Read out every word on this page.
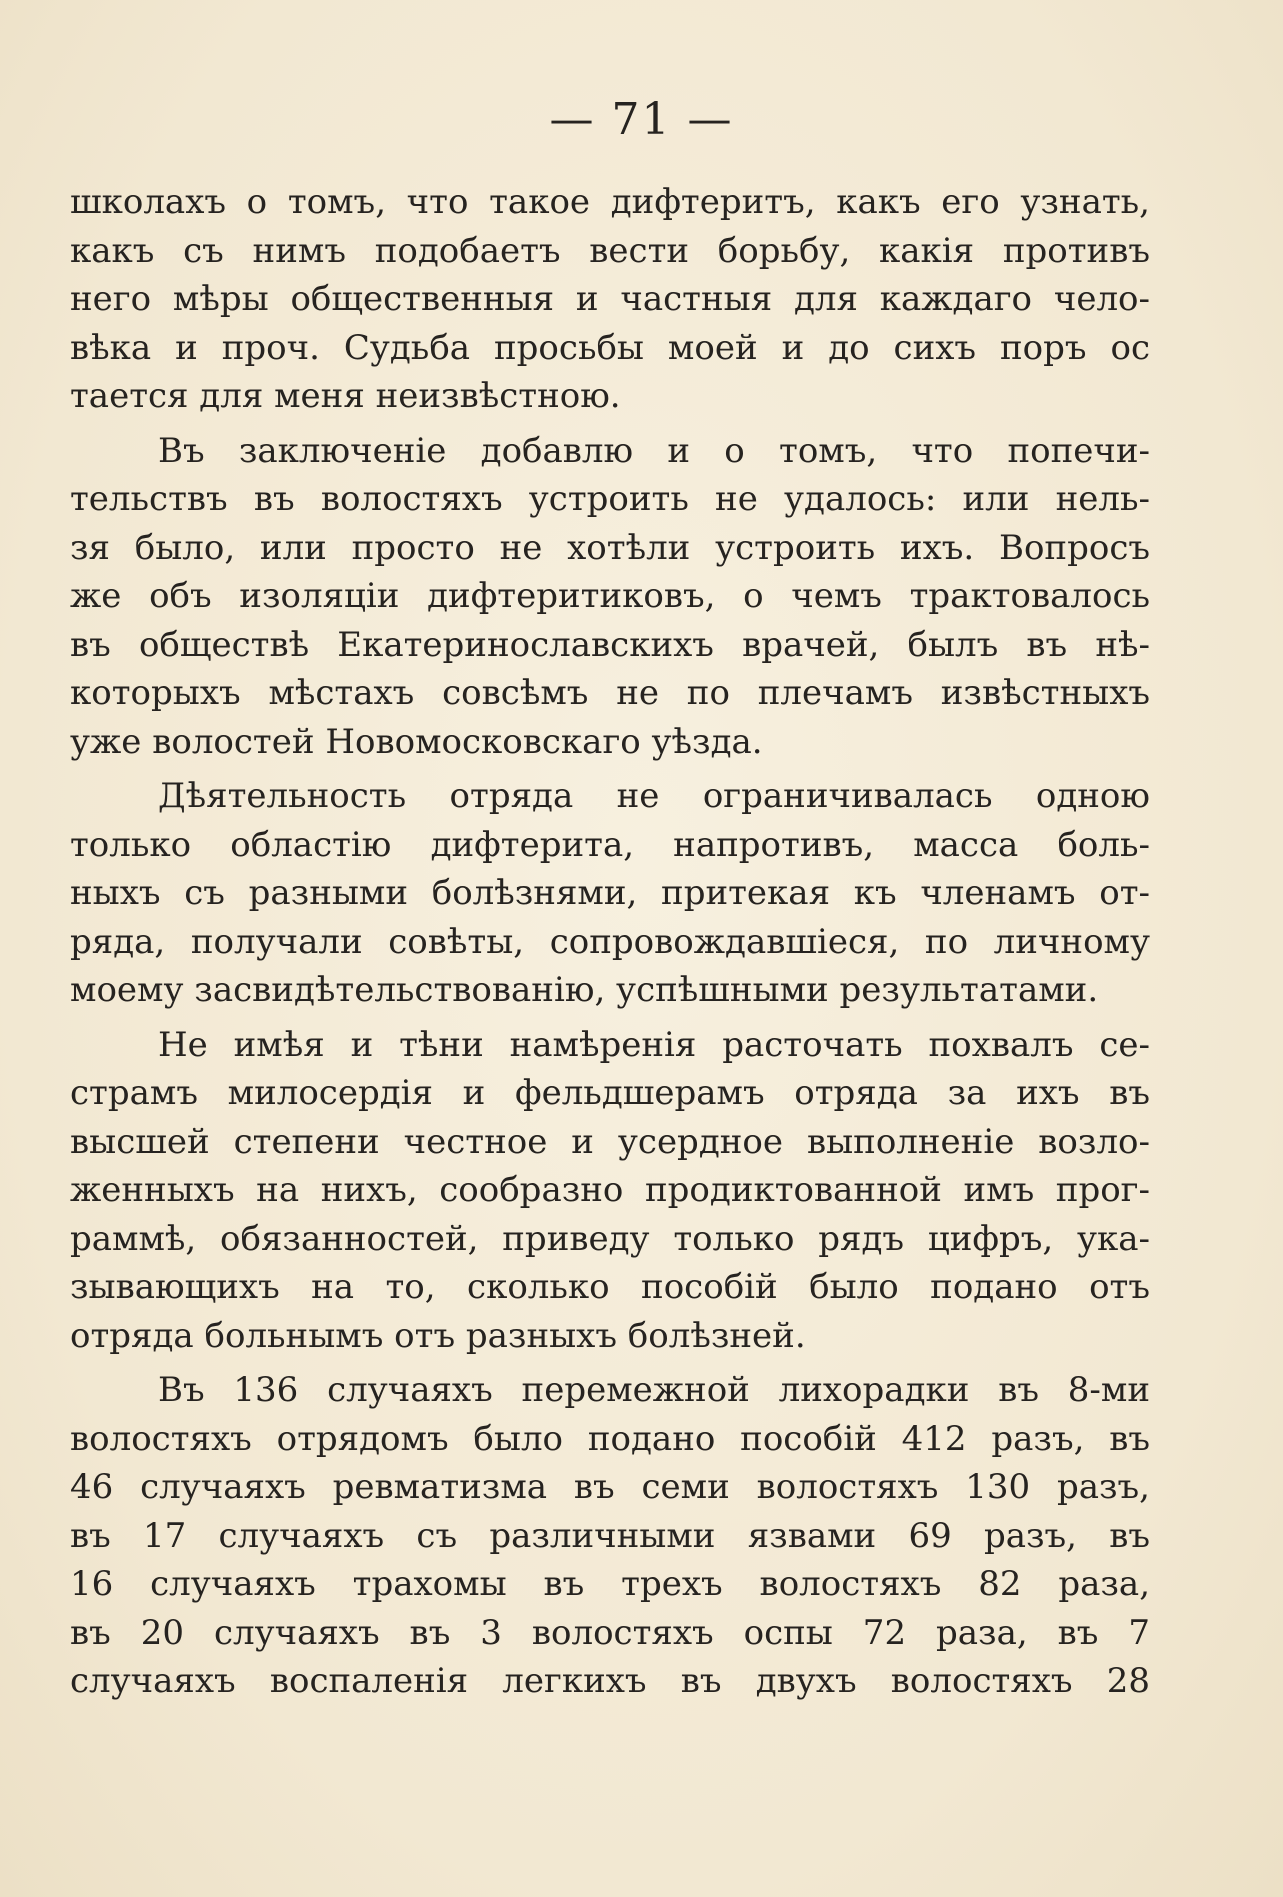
— 71 —
школахъ о томъ, что такое дифтеритъ, какъ его узнать,
какъ съ нимъ подобаетъ вести борьбу, какія противъ
него мѣры общественныя и частныя для каждаго чело-
вѣка и проч. Судьба просьбы моей и до сихъ поръ ос
тается для меня неизвѣстною.
Въ заключеніе добавлю и о томъ, что попечи-
тельствъ въ волостяхъ устроить не удалось: или нель-
зя было, или просто не хотѣли устроить ихъ. Вопросъ
же объ изоляціи дифтеритиковъ, о чемъ трактовалось
въ обществѣ Екатеринославскихъ врачей, былъ въ нѣ-
которыхъ мѣстахъ совсѣмъ не по плечамъ извѣстныхъ
уже волостей Новомосковскаго уѣзда.
Дѣятельность отряда не ограничивалась одною
только областію дифтерита, напротивъ, масса боль-
ныхъ съ разными болѣзнями, притекая къ членамъ от-
ряда, получали совѣты, сопровождавшіеся, по личному
моему засвидѣтельствованію, успѣшными результатами.
Не имѣя и тѣни намѣренія расточать похвалъ се-
страмъ милосердія и фельдшерамъ отряда за ихъ въ
высшей степени честное и усердное выполненіе возло-
женныхъ на нихъ, сообразно продиктованной имъ прог-
раммѣ, обязанностей, приведу только рядъ цифръ, ука-
зывающихъ на то, сколько пособій было подано отъ
отряда больнымъ отъ разныхъ болѣзней.
Въ 136 случаяхъ перемежной лихорадки въ 8-ми
волостяхъ отрядомъ было подано пособій 412 разъ, въ
46 случаяхъ ревматизма въ семи волостяхъ 130 разъ,
въ 17 случаяхъ съ различными язвами 69 разъ, въ
16 случаяхъ трахомы въ трехъ волостяхъ 82 раза,
въ 20 случаяхъ въ 3 волостяхъ оспы 72 раза, въ 7
случаяхъ воспаленія легкихъ въ двухъ волостяхъ 28
